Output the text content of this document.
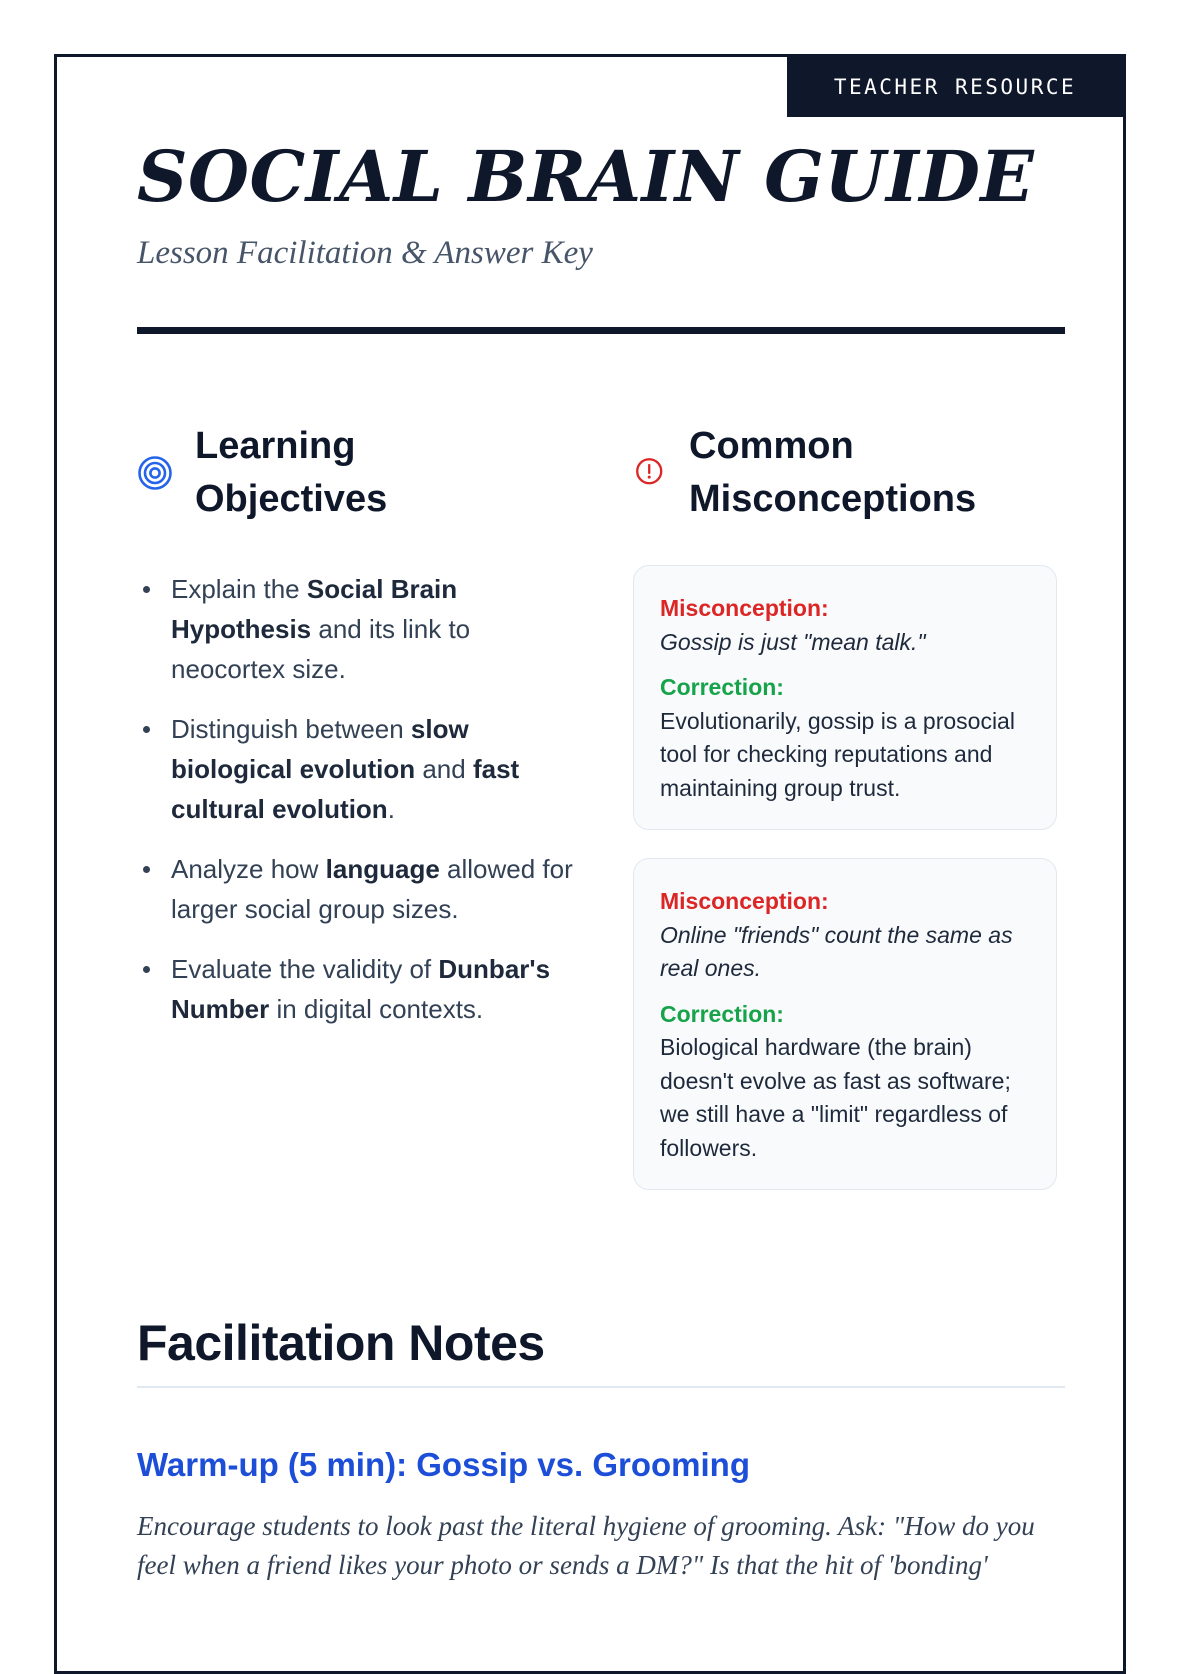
TEACHER RESOURCE
SOCIAL BRAIN GUIDE

Lesson Facilitation & Answer Key

Learning Objectives
Explain the Social Brain Hypothesis and its link to neocortex size.
Distinguish between slow biological evolution and fast cultural evolution.
Analyze how language allowed for larger social group sizes.
Evaluate the validity of Dunbar's Number in digital contexts.
Common Misconceptions
Misconception:
Gossip is just "mean talk."
Correction:
Evolutionarily, gossip is a prosocial tool for checking reputations and maintaining group trust.
Misconception:
Online "friends" count the same as real ones.
Correction:
Biological hardware (the brain) doesn't evolve as fast as software; we still have a "limit" regardless of followers.
Facilitation Notes
Warm-up (5 min): Gossip vs. Grooming

Encourage students to look past the literal hygiene of grooming. Ask: "How do you feel when a friend likes your photo or sends a DM?" Is that the hit of 'bonding'
